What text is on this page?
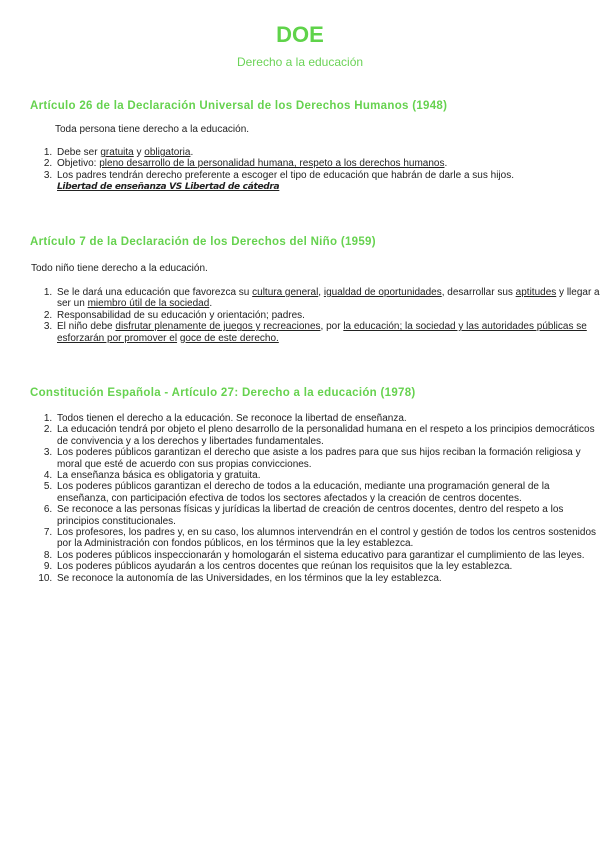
DOE
Derecho a la educación
Artículo 26 de la Declaración Universal de los Derechos Humanos (1948)
Toda persona tiene derecho a la educación.
1. Debe ser gratuita y obligatoria.
2. Objetivo: pleno desarrollo de la personalidad humana, respeto a los derechos humanos.
3. Los padres tendrán derecho preferente a escoger el tipo de educación que habrán de darle a sus hijos.
Libertad de enseñanza VS Libertad de cátedra
Artículo 7 de la Declaración de los Derechos del Niño (1959)
Todo niño tiene derecho a la educación.
1. Se le dará una educación que favorezca su cultura general, igualdad de oportunidades, desarrollar sus aptitudes y llegar a ser un miembro útil de la sociedad.
2. Responsabilidad de su educación y orientación; padres.
3. El niño debe disfrutar plenamente de juegos y recreaciones, por la educación; la sociedad y las autoridades públicas se esforzarán por promover el goce de este derecho.
Constitución Española - Artículo 27: Derecho a la educación (1978)
1. Todos tienen el derecho a la educación. Se reconoce la libertad de enseñanza.
2. La educación tendrá por objeto el pleno desarrollo de la personalidad humana en el respeto a los principios democráticos de convivencia y a los derechos y libertades fundamentales.
3. Los poderes públicos garantizan el derecho que asiste a los padres para que sus hijos reciban la formación religiosa y moral que esté de acuerdo con sus propias convicciones.
4. La enseñanza básica es obligatoria y gratuita.
5. Los poderes públicos garantizan el derecho de todos a la educación, mediante una programación general de la enseñanza, con participación efectiva de todos los sectores afectados y la creación de centros docentes.
6. Se reconoce a las personas físicas y jurídicas la libertad de creación de centros docentes, dentro del respeto a los principios constitucionales.
7. Los profesores, los padres y, en su caso, los alumnos intervendrán en el control y gestión de todos los centros sostenidos por la Administración con fondos públicos, en los términos que la ley establezca.
8. Los poderes públicos inspeccionarán y homologarán el sistema educativo para garantizar el cumplimiento de las leyes.
9. Los poderes públicos ayudarán a los centros docentes que reúnan los requisitos que la ley establezca.
10. Se reconoce la autonomía de las Universidades, en los términos que la ley establezca.
